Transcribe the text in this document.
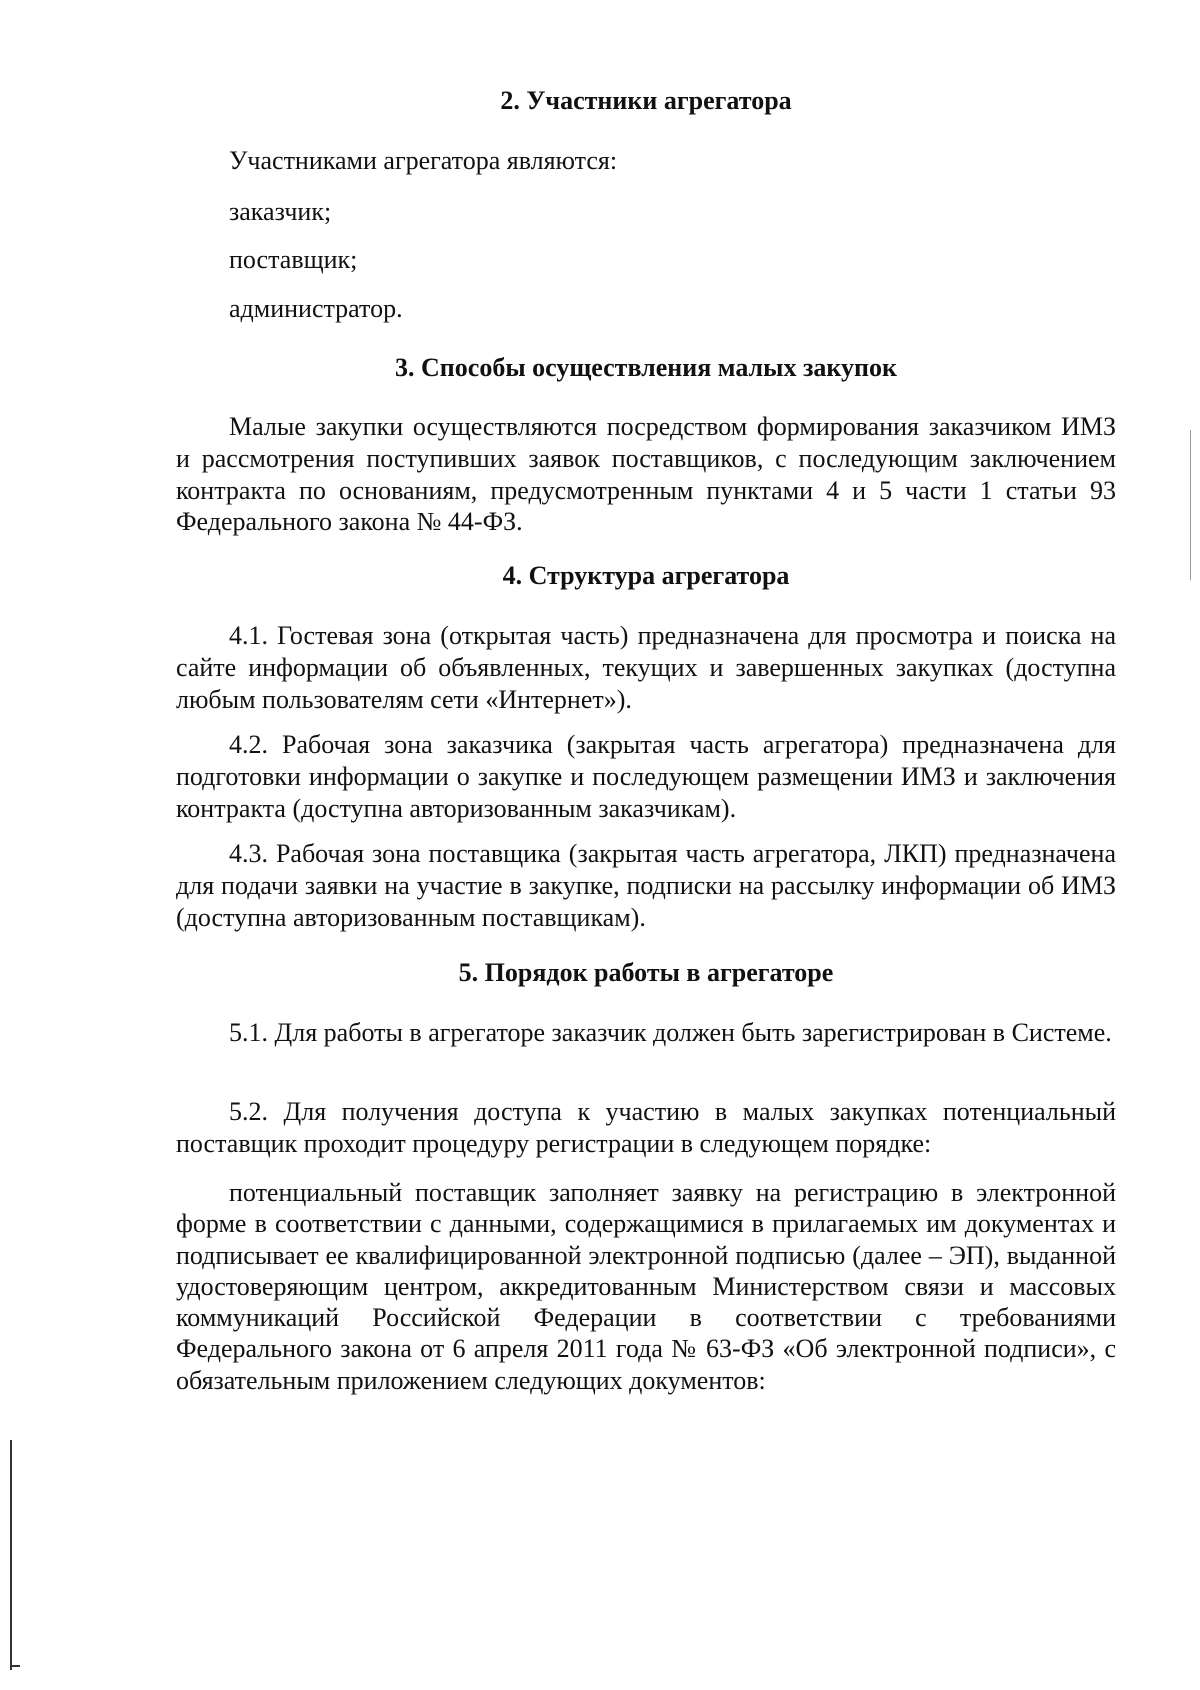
2. Участники агрегатора
Участниками агрегатора являются:
заказчик;
поставщик;
администратор.
3. Способы осуществления малых закупок

Малые закупки осуществляются посредством формирования заказчиком ИМЗ и рассмотрения поступивших заявок поставщиков, с последующим заключением контракта по основаниям, предусмотренным пунктами 4 и 5 части 1 статьи 93 Федерального закона № 44-ФЗ.

4. Структура агрегатора

4.1. Гостевая зона (открытая часть) предназначена для просмотра и поиска на сайте информации об объявленных, текущих и завершенных закупках (доступна любым пользователям сети «Интернет»).

4.2. Рабочая зона заказчика (закрытая часть агрегатора) предназначена для подготовки информации о закупке и последующем размещении ИМЗ и заключения контракта (доступна авторизованным заказчикам).

4.3. Рабочая зона поставщика (закрытая часть агрегатора, ЛКП) предназначена для подачи заявки на участие в закупке, подписки на рассылку информации об ИМЗ (доступна авторизованным поставщикам).

5. Порядок работы в агрегаторе

5.1. Для работы в агрегаторе заказчик должен быть зарегистрирован в Системе.

5.2. Для получения доступа к участию в малых закупках потенциальный поставщик проходит процедуру регистрации в следующем порядке:

потенциальный поставщик заполняет заявку на регистрацию в электронной форме в соответствии с данными, содержащимися в прилагаемых им документах и подписывает ее квалифицированной электронной подписью (далее – ЭП), выданной удостоверяющим центром, аккредитованным Министерством связи и массовых коммуникаций Российской Федерации в соответствии с требованиями Федерального закона от 6 апреля 2011 года № 63-ФЗ «Об электронной подписи», с обязательным приложением следующих документов:
